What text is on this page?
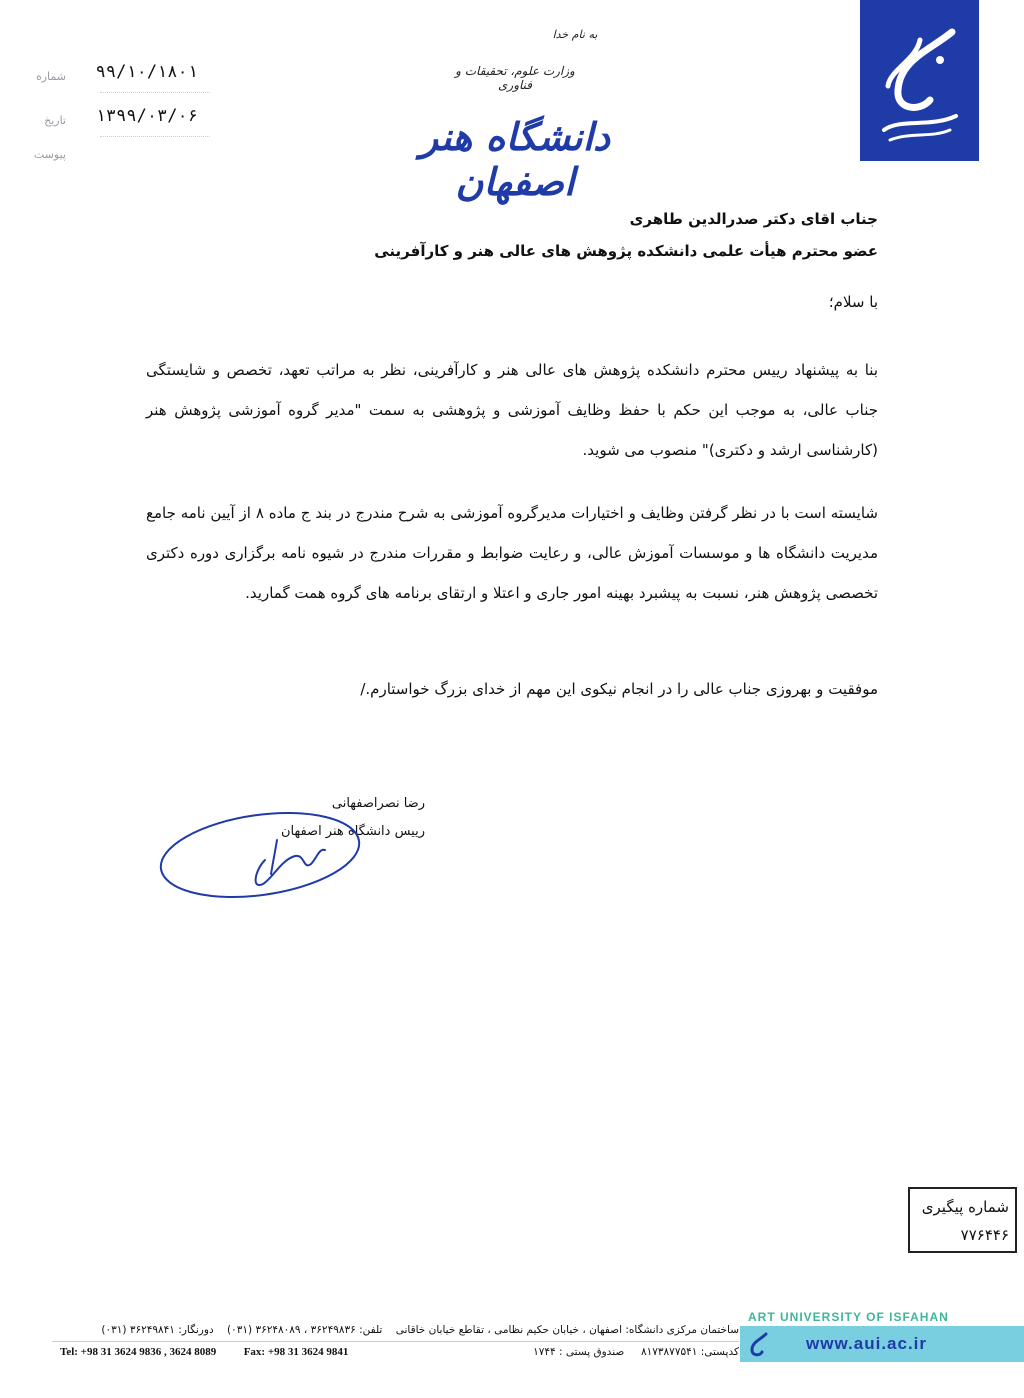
به نام خدا
وزارت علوم، تحقیقات و فناوری
دانشگاه هنر اصفهان
شماره ۹۹/۱۰/۱۸۰۱
تاریخ ۱۳۹۹/۰۳/۰۶
پیوست
جناب اقای دکتر صدرالدین طاهری
عضو محترم هیأت علمی دانشکده پژوهش های عالی هنر و کارآفرینی
با سلام؛
بنا به پیشنهاد رییس محترم دانشکده پژوهش های عالی هنر و کارآفرینی، نظر به مراتب تعهد، تخصص و شایستگی جناب عالی، به موجب این حکم با حفظ وظایف آموزشی و پژوهشی به سمت "مدیر گروه آموزشی پژوهش هنر (کارشناسی ارشد و دکتری)" منصوب می شوید.
شایسته است با در نظر گرفتن وظایف و اختیارات مدیرگروه آموزشی به شرح مندرج در بند ج ماده ۸ از آیین نامه جامع مدیریت دانشگاه ها و موسسات آموزش عالی، و رعایت ضوابط و مقررات مندرج در شیوه نامه برگزاری دوره دکتری تخصصی پژوهش هنر، نسبت به پیشبرد بهینه امور جاری و اعتلا و ارتقای برنامه های گروه همت گمارید.
موفقیت و بهروزی جناب عالی را در انجام نیکوی این مهم از خدای بزرگ خواستارم./
رضا نصراصفهانی
رییس دانشگاه هنر اصفهان
شماره پیگیری
۷۷۶۴۴۶
ART UNIVERSITY OF ISFAHAN
ساختمان مرکزی دانشگاه: اصفهان ، خیابان حکیم نظامی ، تقاطع خیابان خاقانی    تلفن: ۳۶۲۴۹۸۳۶ ، ۳۶۲۴۸۰۸۹ (۰۳۱)    دورنگار: ۳۶۲۴۹۸۴۱ (۰۳۱)
کدپستی: ۸۱۷۳۸۷۷۵۴۱     صندوق پستی : ۱۷۴۴
Tel: +98 31 3624 9836 , 3624 8089	Fax: +98 31 3624 9841	www.aui.ac.ir
